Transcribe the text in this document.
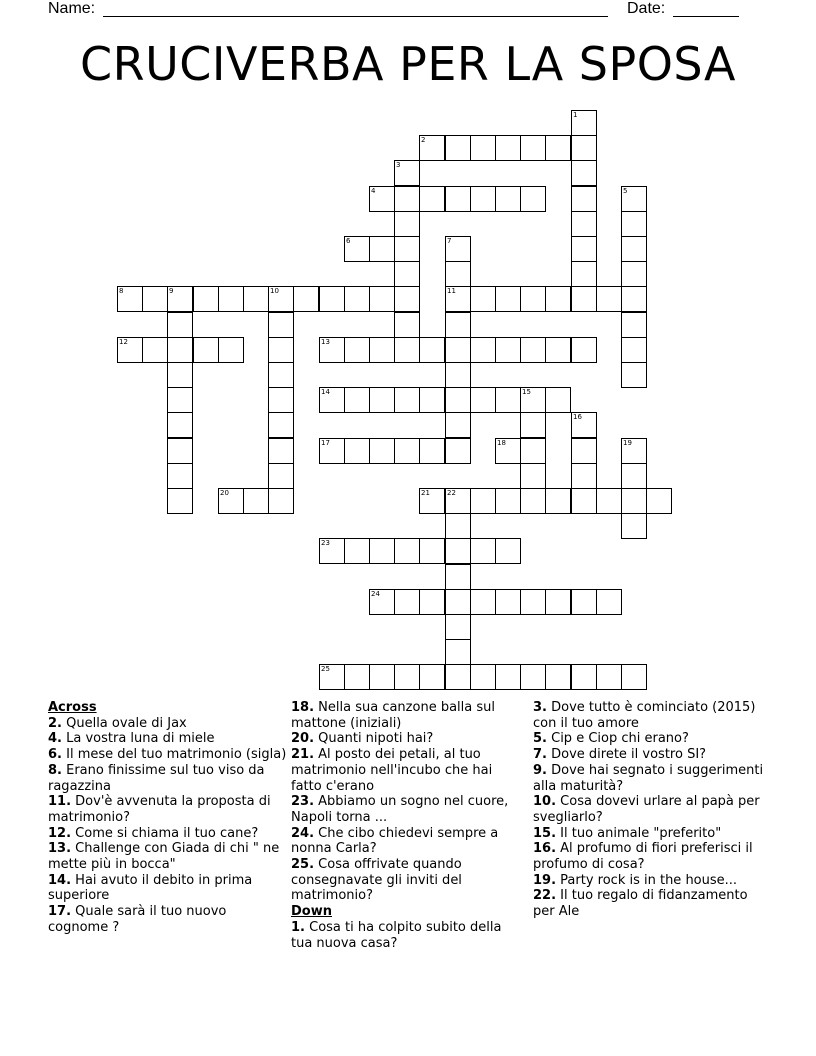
Name:	Date:
CRUCIVERBA PER LA SPOSA
1
2
3
4	5
6	7
11
8	9	10
12	13
14	15
16
17	18	19
20	21 22
23
24
25
Across
2. Quella ovale di Jax
4. La vostra luna di miele
6. Il mese del tuo matrimonio (sigla)
8. Erano finissime sul tuo viso da ragazzina
11. Dov'è avvenuta la proposta di matrimonio?
12. Come si chiama il tuo cane?
13. Challenge con Giada di chi " ne mette più in bocca"
14. Hai avuto il debito in prima superiore
17. Quale sarà il tuo nuovo cognome ?
18. Nella sua canzone balla sul mattone (iniziali)
20. Quanti nipoti hai?
21. Al posto dei petali, al tuo matrimonio nell'incubo che hai fatto c'erano
23. Abbiamo un sogno nel cuore, Napoli torna ...
24. Che cibo chiedevi sempre a nonna Carla?
25. Cosa offrivate quando consegnavate gli inviti del matrimonio?
Down
1. Cosa ti ha colpito subito della tua nuova casa?
3. Dove tutto è cominciato (2015) con il tuo amore
5. Cip e Ciop chi erano?
7. Dove direte il vostro SI?
9. Dove hai segnato i suggerimenti alla maturità?
10. Cosa dovevi urlare al papà per svegliarlo?
15. Il tuo animale "preferito"
16. Al profumo di fiori preferisci il profumo di cosa?
19. Party rock is in the house...
22. Il tuo regalo di fidanzamento per Ale
